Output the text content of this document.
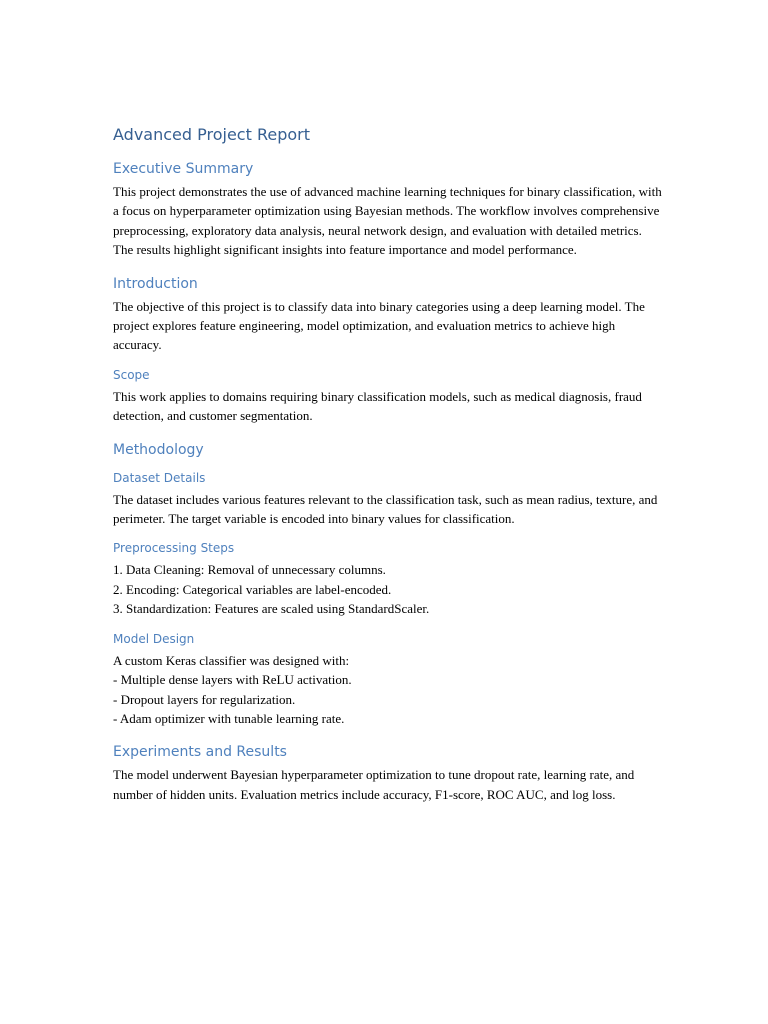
Advanced Project Report
Executive Summary

This project demonstrates the use of advanced machine learning techniques for binary classification, with a focus on hyperparameter optimization using Bayesian methods. The workflow involves comprehensive preprocessing, exploratory data analysis, neural network design, and evaluation with detailed metrics. The results highlight significant insights into feature importance and model performance.

Introduction

The objective of this project is to classify data into binary categories using a deep learning model. The project explores feature engineering, model optimization, and evaluation metrics to achieve high accuracy.

Scope

This work applies to domains requiring binary classification models, such as medical diagnosis, fraud detection, and customer segmentation.

Methodology
Dataset Details

The dataset includes various features relevant to the classification task, such as mean radius, texture, and perimeter. The target variable is encoded into binary values for classification.

Preprocessing Steps

1. Data Cleaning: Removal of unnecessary columns.
2. Encoding: Categorical variables are label-encoded.
3. Standardization: Features are scaled using StandardScaler.

Model Design

A custom Keras classifier was designed with:
- Multiple dense layers with ReLU activation.
- Dropout layers for regularization.
- Adam optimizer with tunable learning rate.

Experiments and Results

The model underwent Bayesian hyperparameter optimization to tune dropout rate, learning rate, and number of hidden units. Evaluation metrics include accuracy, F1-score, ROC AUC, and log loss.
